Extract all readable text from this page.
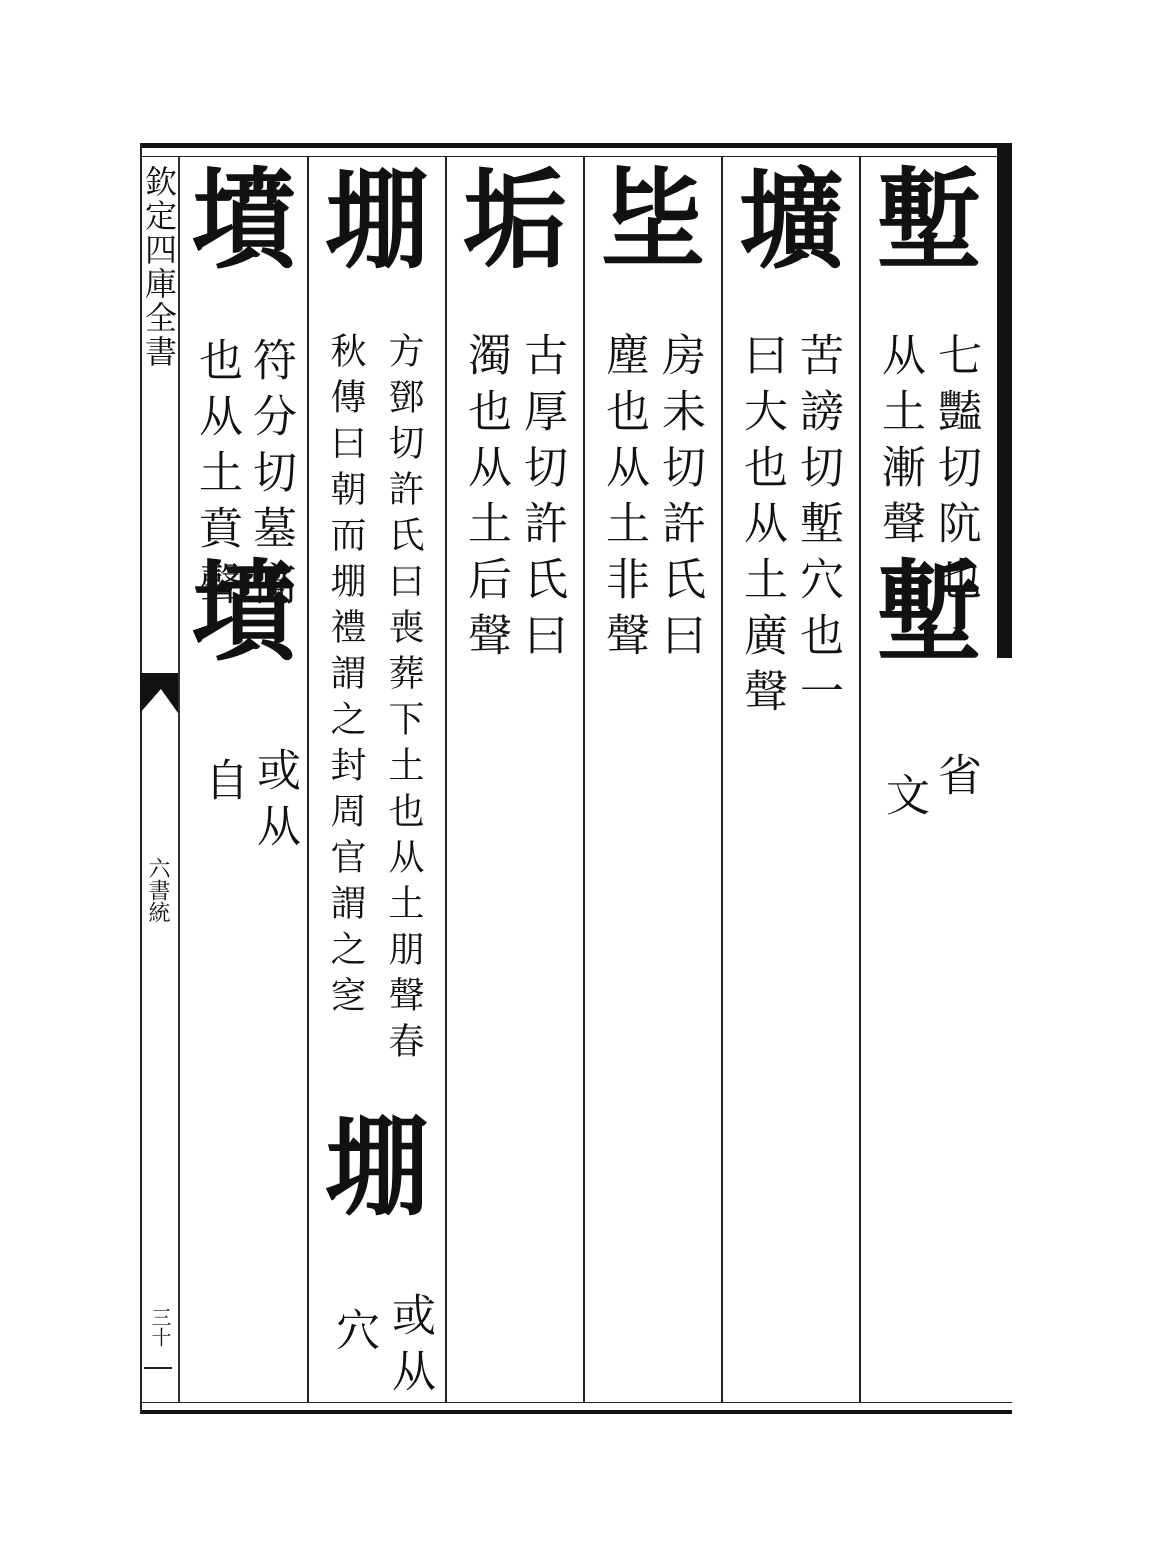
欽定四庫全書
六書統
三十
塹
七豔切阬也
从土漸聲
塹
省
文
壙
苦謗切塹穴也一
曰大也从土廣聲
坒
房未切許氏曰
塵也从土非聲
垢
古厚切許氏曰
濁也从土后聲
堋
方鄧切許氏曰喪葬下土也从土朋聲春
秋傳曰朝而堋禮謂之封周官謂之窆
堋
或从
穴
墳
符分切墓高
也从土賁聲
墳
或从
自
